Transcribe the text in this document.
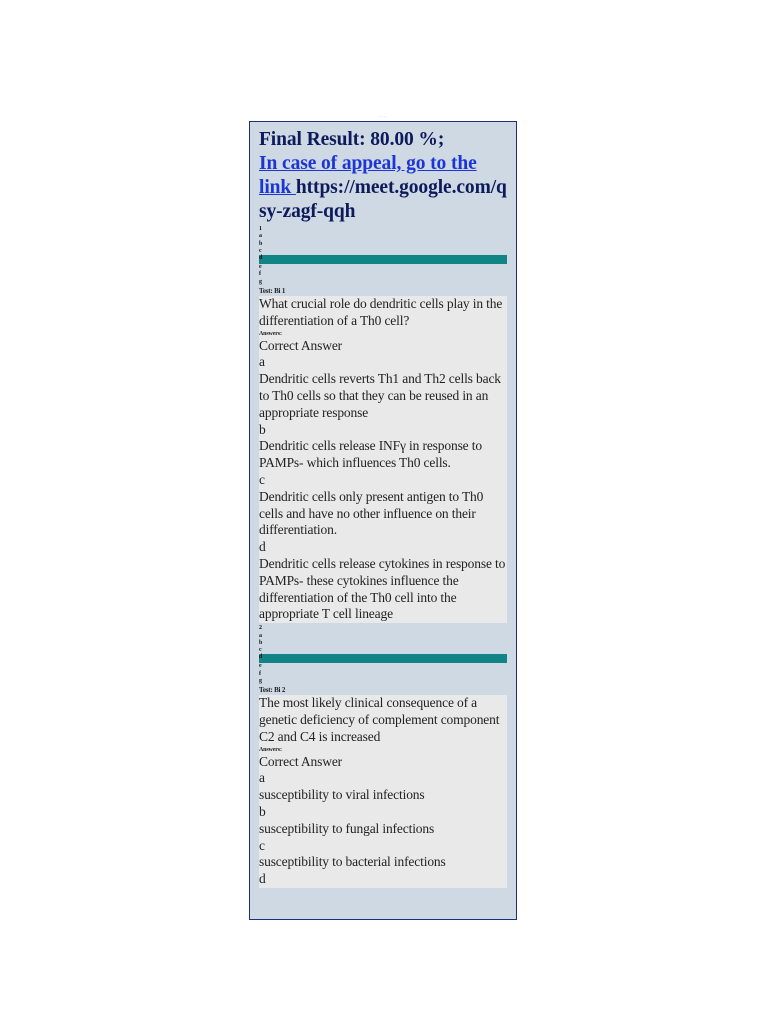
— —
Final Result: 80.00 %;
In case of appeal, go to the link https://meet.google.com/qsy-zagf-qqh
1
a
b
c
d
e
f
g
Test: Bi 1
What crucial role do dendritic cells play in the differentiation of a Th0 cell?
Answers:
Correct Answer
a
Dendritic cells reverts Th1 and Th2 cells back to Th0 cells so that they can be reused in an appropriate response
b
Dendritic cells release INFγ in response to PAMPs- which influences Th0 cells.
c
Dendritic cells only present antigen to Th0 cells and have no other influence on their differentiation.
d
Dendritic cells release cytokines in response to PAMPs- these cytokines influence the differentiation of the Th0 cell into the appropriate T cell lineage
2
a
b
c
d
e
f
g
Test: Bi 2
The most likely clinical consequence of a genetic deficiency of complement component C2 and C4 is increased
Answers:
Correct Answer
a
susceptibility to viral infections
b
susceptibility to fungal infections
c
susceptibility to bacterial infections
d
